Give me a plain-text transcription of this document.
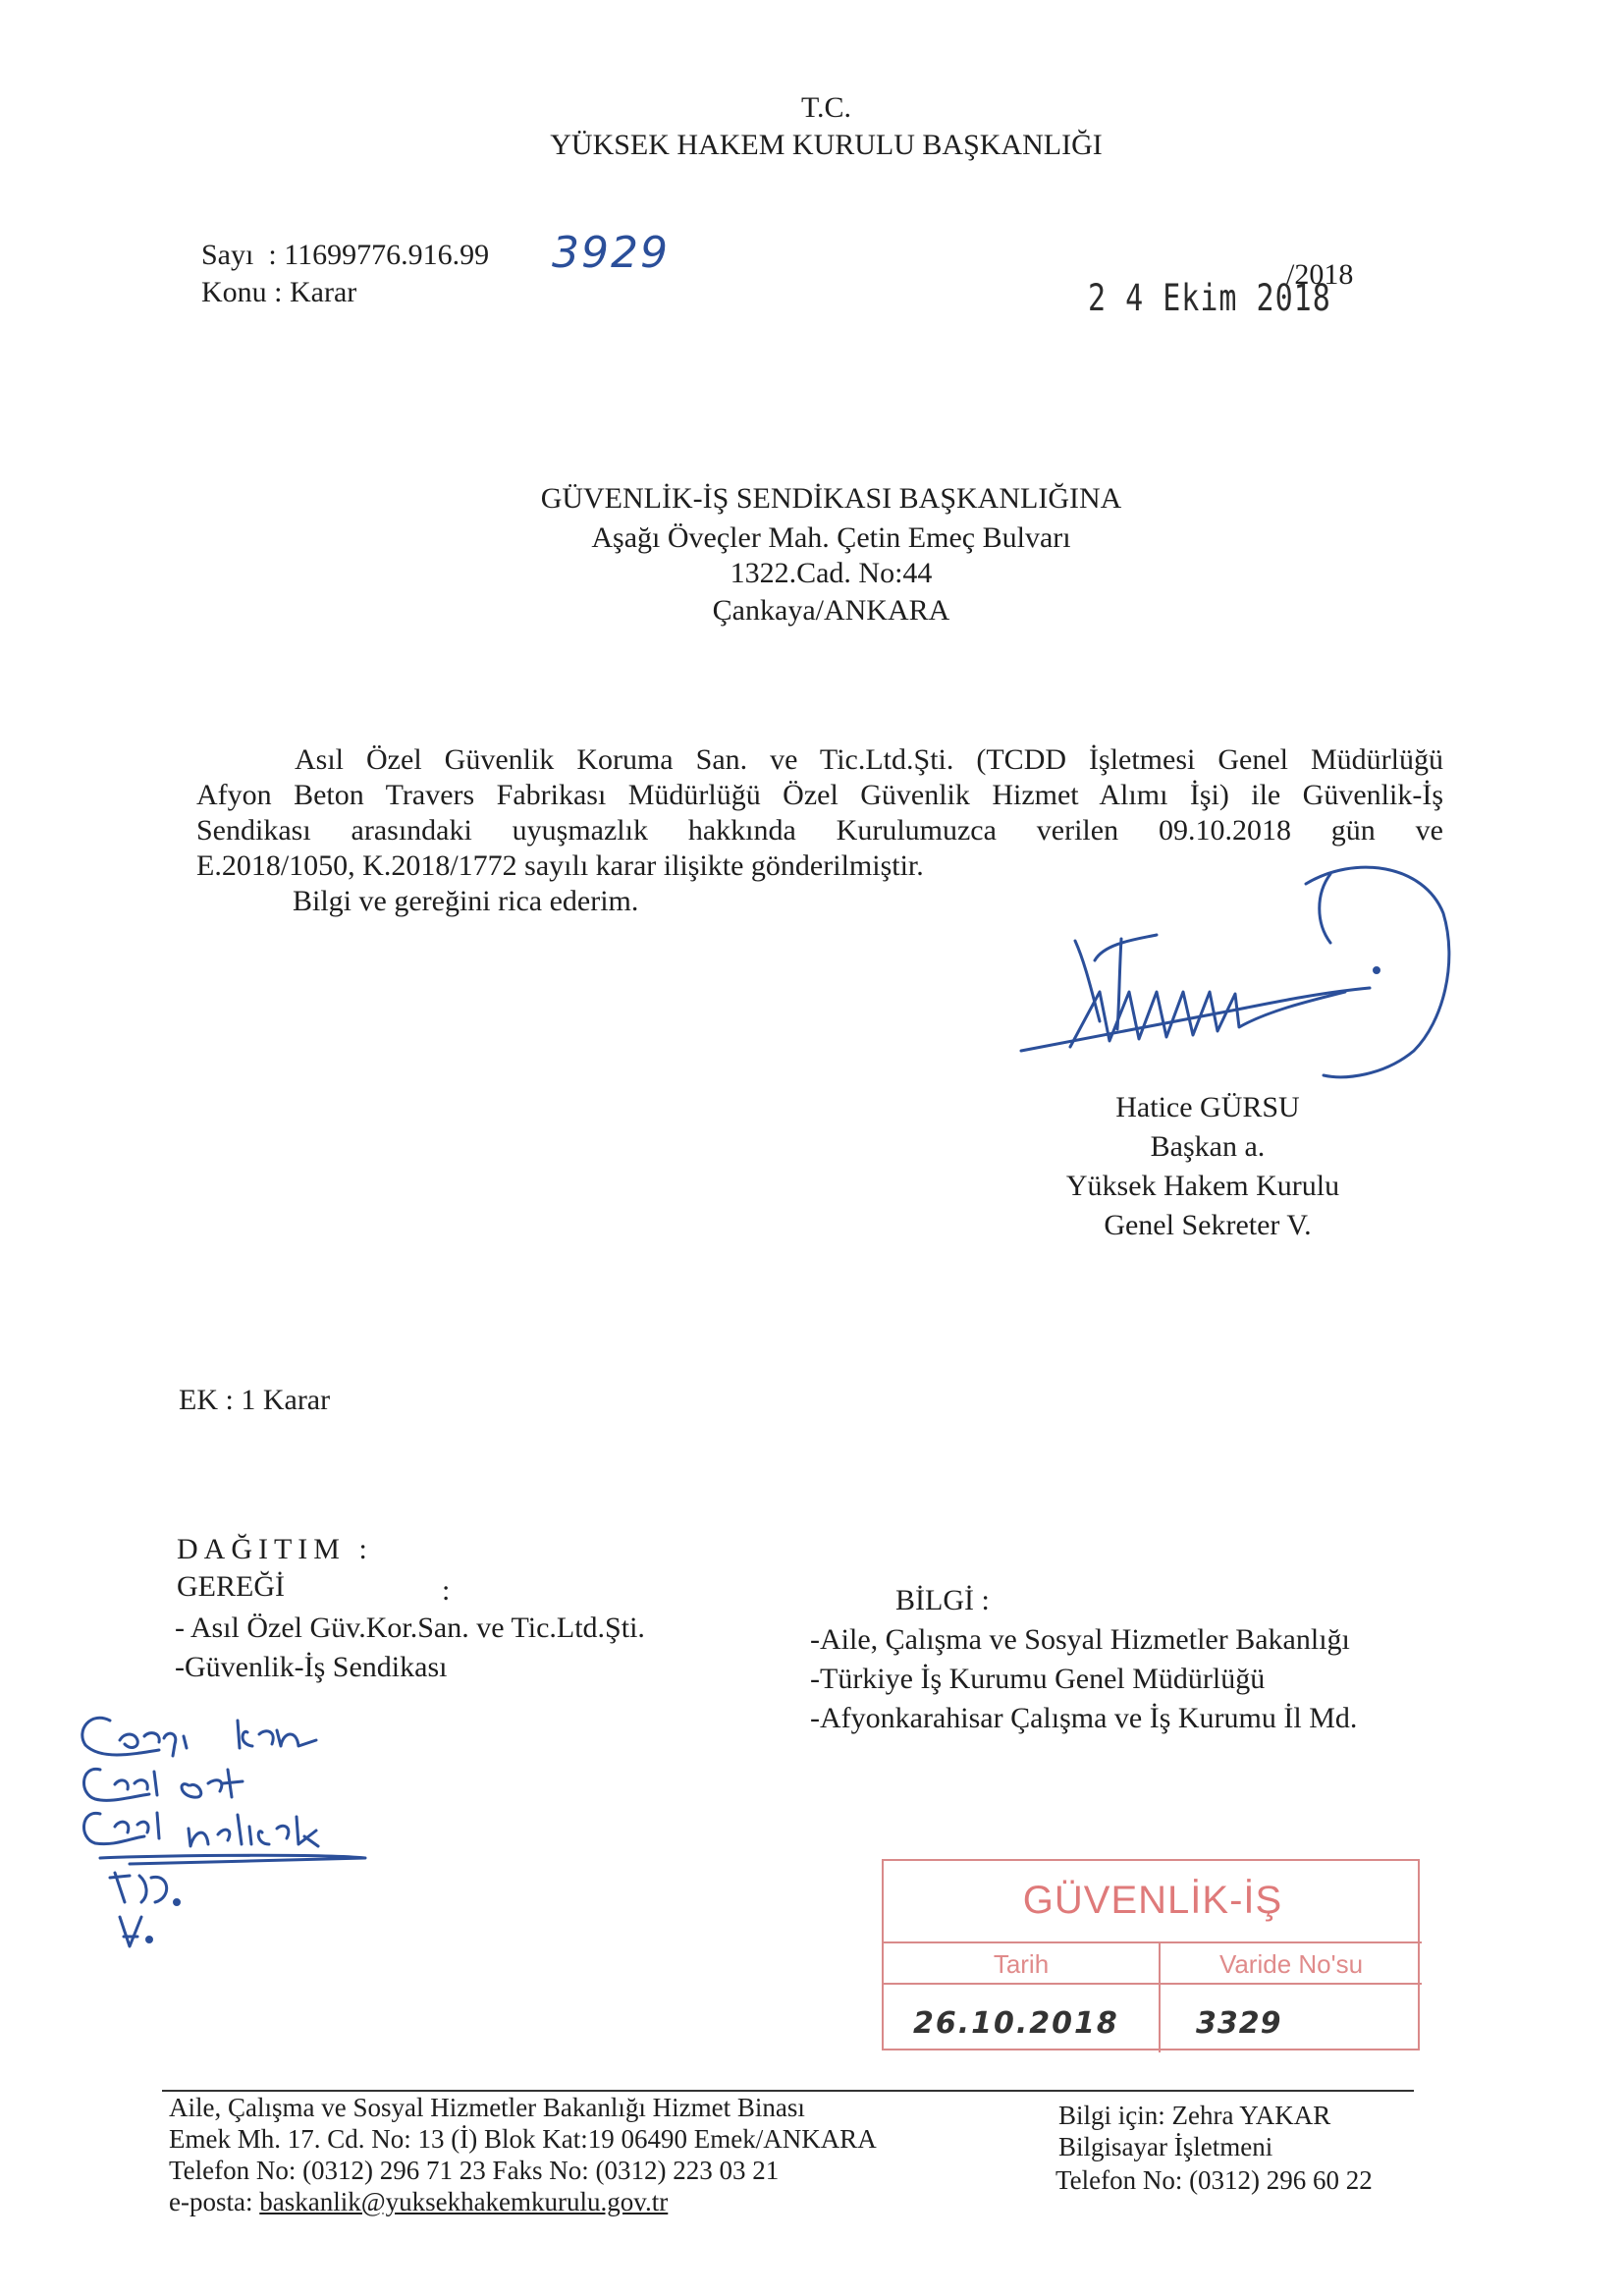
T.C.
YÜKSEK HAKEM KURULU BAŞKANLIĞI
Sayı  : 11699776.916.99 3929
Konu : Karar	2 4 Ekim 2018
/2018
GÜVENLİK-İŞ SENDİKASI BAŞKANLIĞINA
Aşağı Öveçler Mah. Çetin Emeç Bulvarı
1322.Cad. No:44
Çankaya/ANKARA
Asıl Özel Güvenlik Koruma San. ve Tic.Ltd.Şti. (TCDD İşletmesi Genel Müdürlüğü
Afyon Beton Travers Fabrikası Müdürlüğü Özel Güvenlik Hizmet Alımı İşi) ile Güvenlik-İş
Sendikası arasındaki uyuşmazlık hakkında Kurulumuzca verilen 09.10.2018 gün ve
E.2018/1050, K.2018/1772 sayılı karar ilişikte gönderilmiştir.
Bilgi ve gereğini rica ederim.
Hatice GÜRSU
Başkan a.
Yüksek Hakem Kurulu
Genel Sekreter V.
EK : 1 Karar
DAĞITIM :
GEREĞİ	:
- Asıl Özel Güv.Kor.San. ve Tic.Ltd.Şti.
-Güvenlik-İş Sendikası
BİLGİ :
-Aile, Çalışma ve Sosyal Hizmetler Bakanlığı
-Türkiye İş Kurumu Genel Müdürlüğü
-Afyonkarahisar Çalışma ve İş Kurumu İl Md.
GÜVENLİK-İŞ
Tarih	Varide No'su
26.10.2018	3329
Aile, Çalışma ve Sosyal Hizmetler Bakanlığı Hizmet Binası
Emek Mh. 17. Cd. No: 13 (İ) Blok Kat:19 06490 Emek/ANKARA
Telefon No: (0312) 296 71 23 Faks No: (0312) 223 03 21
e-posta: baskanlik@yuksekhakemkurulu.gov.tr
Bilgi için: Zehra YAKAR
Bilgisayar İşletmeni
Telefon No: (0312) 296 60 22
